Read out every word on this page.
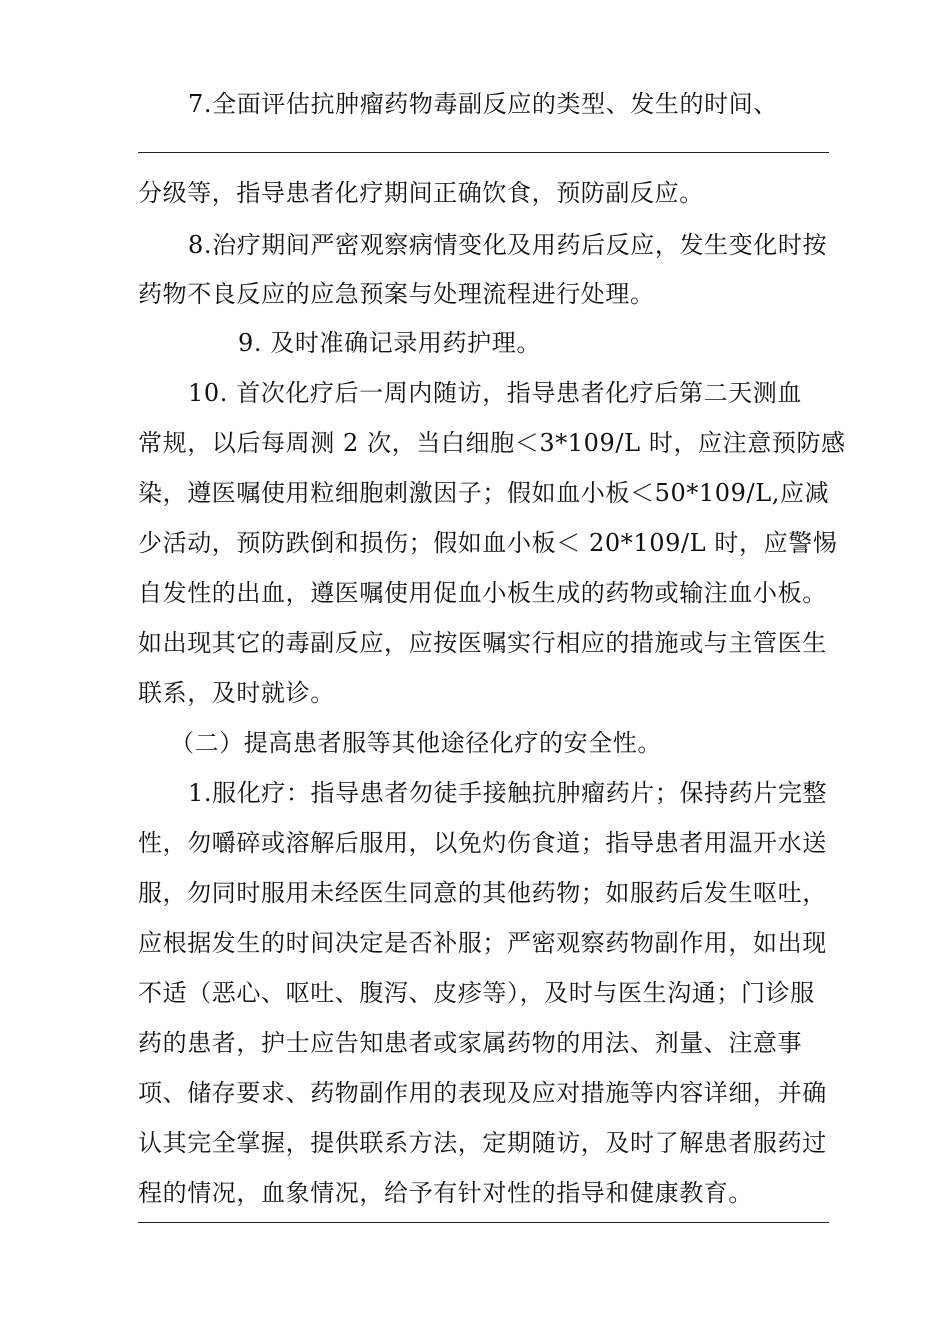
7.全面评估抗肿瘤药物毒副反应的类型、发生的时间、
分级等，指导患者化疗期间正确饮食，预防副反应。
8.治疗期间严密观察病情变化及用药后反应，发生变化时按
药物不良反应的应急预案与处理流程进行处理。
9. 及时准确记录用药护理。
10. 首次化疗后一周内随访，指导患者化疗后第二天测血
常规，以后每周测 2 次，当白细胞＜3*109/L 时，应注意预防感
染，遵医嘱使用粒细胞刺激因子；假如血小板＜50*109/L,应减
少活动，预防跌倒和损伤；假如血小板＜ 20*109/L 时，应警惕
自发性的出血，遵医嘱使用促血小板生成的药物或输注血小板。
如出现其它的毒副反应，应按医嘱实行相应的措施或与主管医生
联系，及时就诊。
（二）提高患者服等其他途径化疗的安全性。
1.服化疗：指导患者勿徒手接触抗肿瘤药片；保持药片完整
性，勿嚼碎或溶解后服用，以免灼伤食道；指导患者用温开水送
服，勿同时服用未经医生同意的其他药物；如服药后发生呕吐，
应根据发生的时间决定是否补服；严密观察药物副作用，如出现
不适（恶心、呕吐、腹泻、皮疹等），及时与医生沟通；门诊服
药的患者，护士应告知患者或家属药物的用法、剂量、注意事
项、储存要求、药物副作用的表现及应对措施等内容详细，并确
认其完全掌握，提供联系方法，定期随访，及时了解患者服药过
程的情况，血象情况，给予有针对性的指导和健康教育。
